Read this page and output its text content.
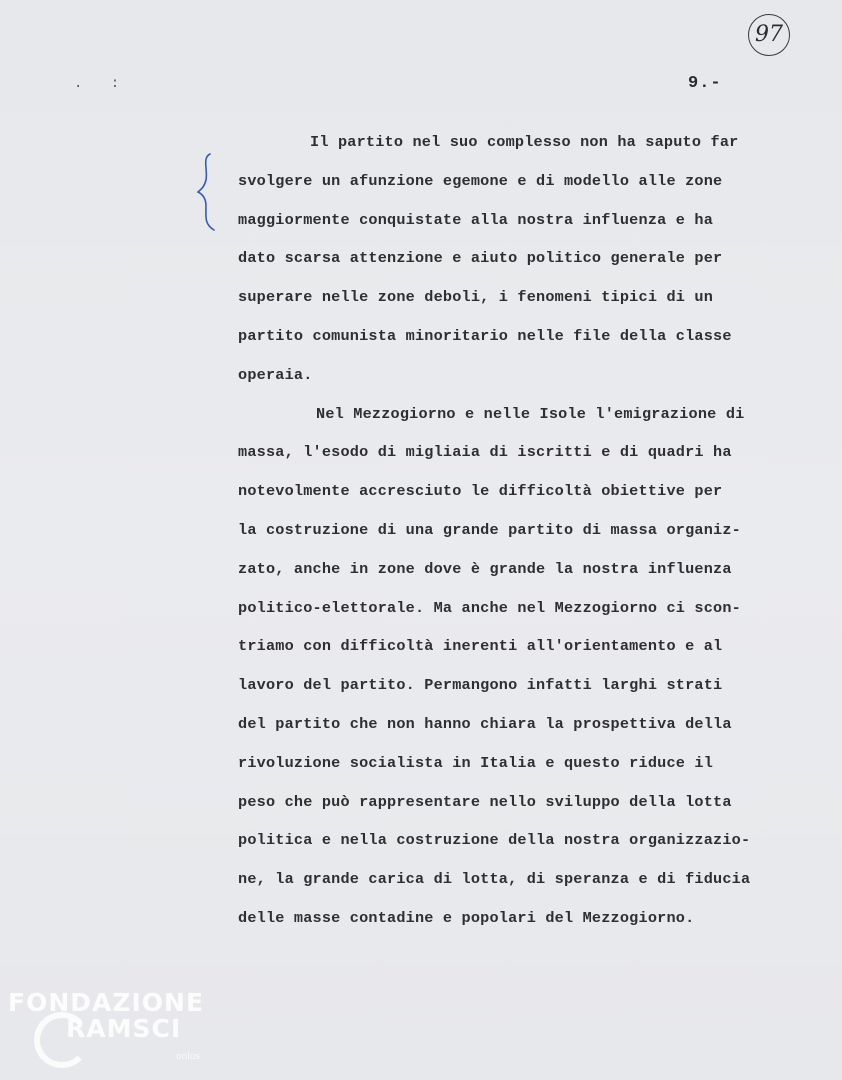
97
. :	9.-
Il partito nel suo complesso non ha saputo far
svolgere un afunzione egemone e di modello alle zone
maggiormente conquistate alla nostra influenza e ha
dato scarsa attenzione e aiuto politico generale per
superare nelle zone deboli, i fenomeni tipici di un
partito comunista minoritario nelle file della classe
operaia.
Nel Mezzogiorno e nelle Isole l'emigrazione di
massa, l'esodo di migliaia di iscritti e di quadri ha
notevolmente accresciuto le difficoltà obiettive per
la costruzione di una grande partito di massa organiz-
zato, anche in zone dove è grande la nostra influenza
politico-elettorale. Ma anche nel Mezzogiorno ci scon-
triamo con difficoltà inerenti all'orientamento e al
lavoro del partito. Permangono infatti larghi strati
del partito che non hanno chiara la prospettiva della
rivoluzione socialista in Italia e questo riduce il
peso che può rappresentare nello sviluppo della lotta
politica e nella costruzione della nostra organizzazio-
ne, la grande carica di lotta, di speranza e di fiducia
delle masse contadine e popolari del Mezzogiorno.
FONDAZIONE
RAMSCI
onlus
